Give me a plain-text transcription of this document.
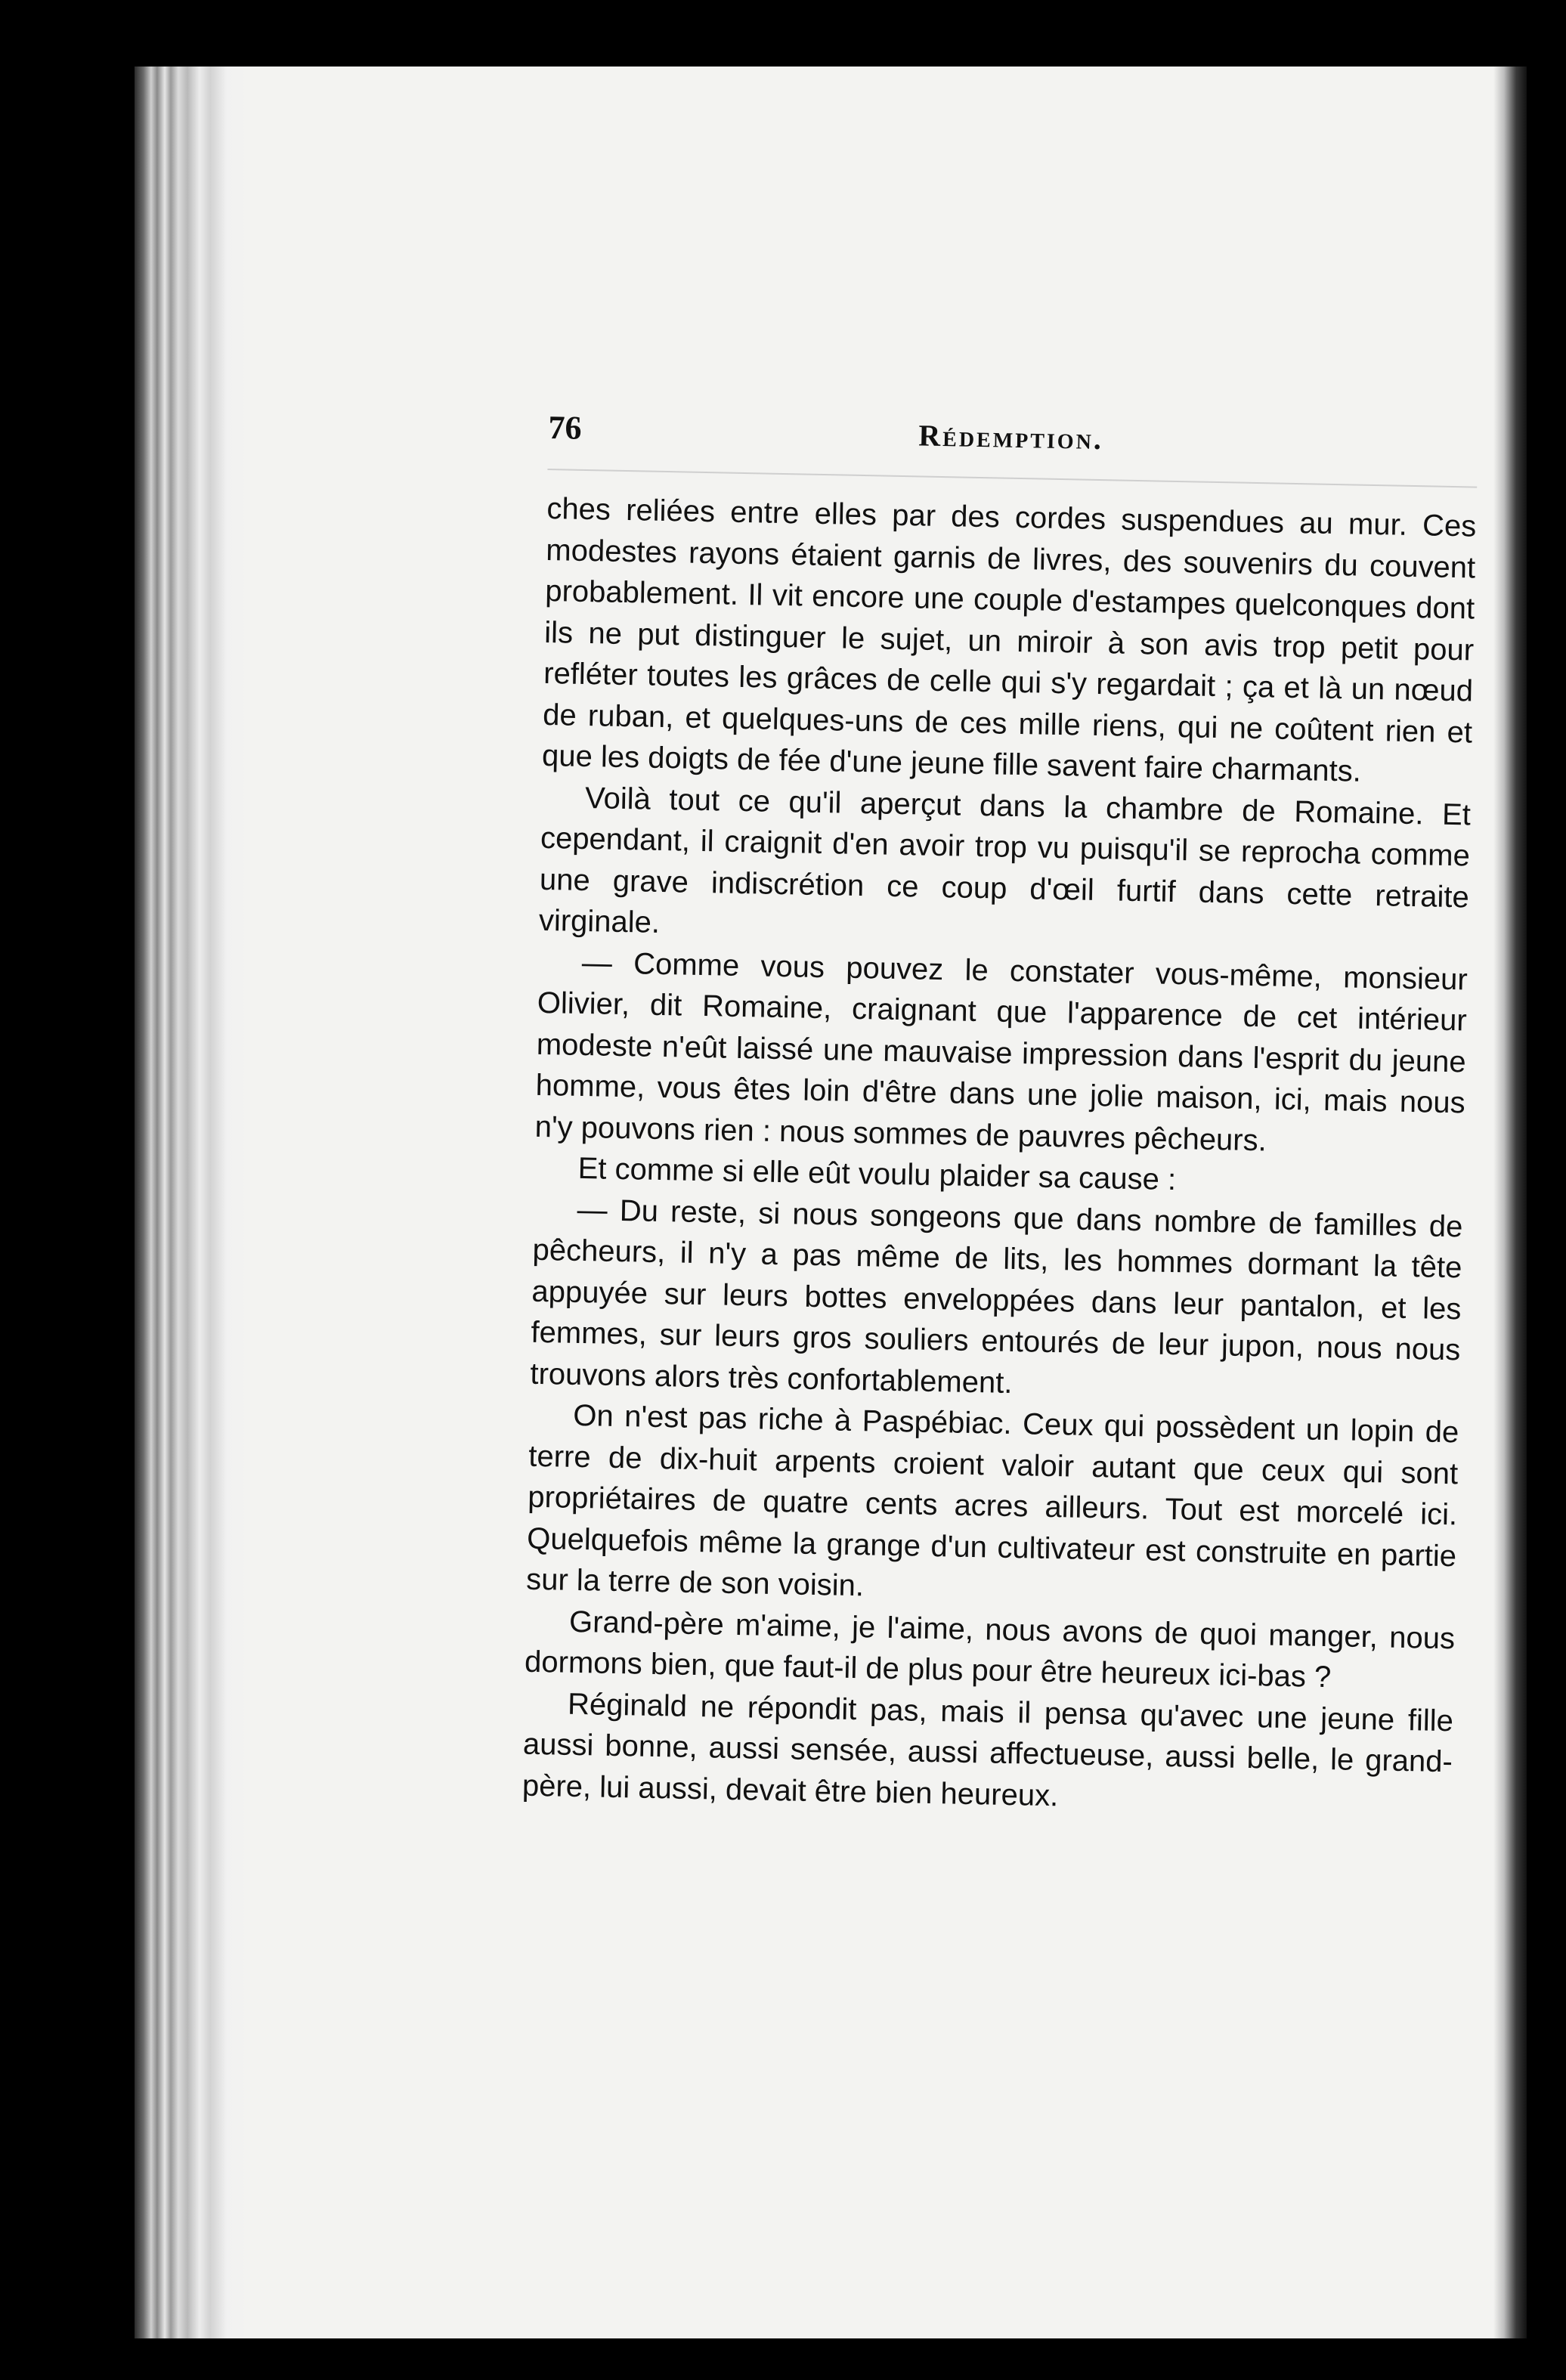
76	Rédemption.

ches reliées entre elles par des cordes suspendues au mur. Ces modestes rayons étaient garnis de livres, des souvenirs du couvent probablement. Il vit encore une couple d'estampes quelconques dont ils ne put distinguer le sujet, un miroir à son avis trop petit pour refléter toutes les grâces de celle qui s'y regardait ; ça et là un nœud de ruban, et quelques-uns de ces mille riens, qui ne coûtent rien et que les doigts de fée d'une jeune fille savent faire charmants.

Voilà tout ce qu'il aperçut dans la chambre de Romaine. Et cependant, il craignit d'en avoir trop vu puisqu'il se reprocha comme une grave indiscrétion ce coup d'œil furtif dans cette retraite virginale.

— Comme vous pouvez le constater vous-même, monsieur Olivier, dit Romaine, craignant que l'apparence de cet intérieur modeste n'eût laissé une mauvaise impression dans l'esprit du jeune homme, vous êtes loin d'être dans une jolie maison, ici, mais nous n'y pouvons rien : nous sommes de pauvres pêcheurs.

Et comme si elle eût voulu plaider sa cause :

— Du reste, si nous songeons que dans nombre de familles de pêcheurs, il n'y a pas même de lits, les hommes dormant la tête appuyée sur leurs bottes enveloppées dans leur pantalon, et les femmes, sur leurs gros souliers entourés de leur jupon, nous nous trouvons alors très confortablement.

On n'est pas riche à Paspébiac. Ceux qui possèdent un lopin de terre de dix-huit arpents croient valoir autant que ceux qui sont propriétaires de quatre cents acres ailleurs. Tout est morcelé ici. Quelquefois même la grange d'un cultivateur est construite en partie sur la terre de son voisin.

Grand-père m'aime, je l'aime, nous avons de quoi manger, nous dormons bien, que faut-il de plus pour être heureux ici-bas ?

Réginald ne répondit pas, mais il pensa qu'avec une jeune fille aussi bonne, aussi sensée, aussi affectueuse, aussi belle, le grand-père, lui aussi, devait être bien heureux.
